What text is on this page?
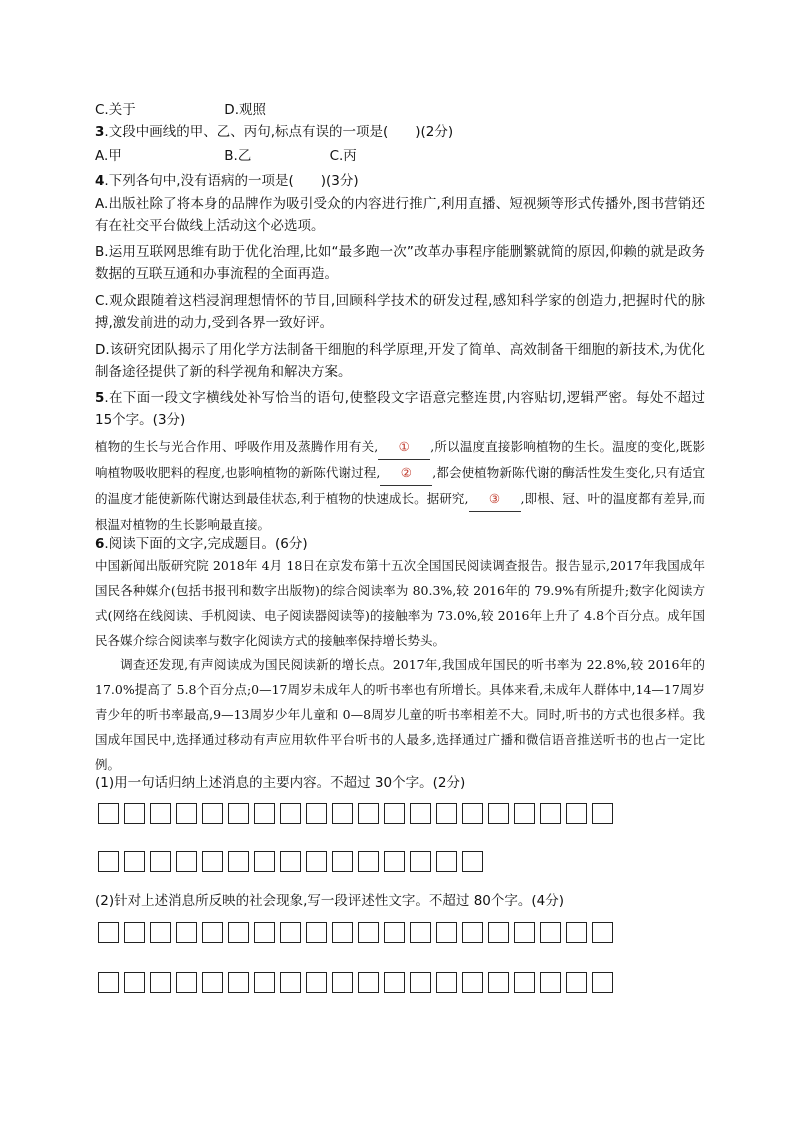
C.关于	D.观照
3.文段中画线的甲、乙、丙句,标点有误的一项是(　　)(2分)
A.甲	B.乙	C.丙
4.下列各句中,没有语病的一项是(　　)(3分)
A.出版社除了将本身的品牌作为吸引受众的内容进行推广,利用直播、短视频等形式传播外,图书营销还有在社交平台做线上活动这个必选项。
B.运用互联网思维有助于优化治理,比如“最多跑一次”改革办事程序能删繁就简的原因,仰赖的就是政务数据的互联互通和办事流程的全面再造。
C.观众跟随着这档浸润理想情怀的节目,回顾科学技术的研发过程,感知科学家的创造力,把握时代的脉搏,激发前进的动力,受到各界一致好评。
D.该研究团队揭示了用化学方法制备干细胞的科学原理,开发了简单、高效制备干细胞的新技术,为优化制备途径提供了新的科学视角和解决方案。
5.在下面一段文字横线处补写恰当的语句,使整段文字语意完整连贯,内容贴切,逻辑严密。每处不超过 15个字。(3分)
植物的生长与光合作用、呼吸作用及蒸腾作用有关, ① ,所以温度直接影响植物的生长。温度的变化,既影响植物吸收肥料的程度,也影响植物的新陈代谢过程, ② ,都会使植物新陈代谢的酶活性发生变化,只有适宜的温度才能使新陈代谢达到最佳状态,利于植物的快速成长。据研究, ③ ,即根、冠、叶的温度都有差异,而根温对植物的生长影响最直接。
6.阅读下面的文字,完成题目。(6分)
中国新闻出版研究院 2018年 4月 18日在京发布第十五次全国国民阅读调查报告。报告显示,2017年我国成年国民各种媒介(包括书报刊和数字出版物)的综合阅读率为 80.3%,较 2016年的 79.9%有所提升;数字化阅读方式(网络在线阅读、手机阅读、电子阅读器阅读等)的接触率为 73.0%,较 2016年上升了 4.8个百分点。成年国民各媒介综合阅读率与数字化阅读方式的接触率保持增长势头。
调查还发现,有声阅读成为国民阅读新的增长点。2017年,我国成年国民的听书率为 22.8%,较 2016年的 17.0%提高了 5.8个百分点;0—17周岁未成年人的听书率也有所增长。具体来看,未成年人群体中,14—17周岁青少年的听书率最高,9—13周岁少年儿童和 0—8周岁儿童的听书率相差不大。同时,听书的方式也很多样。我国成年国民中,选择通过移动有声应用软件平台听书的人最多,选择通过广播和微信语音推送听书的也占一定比例。
(1)用一句话归纳上述消息的主要内容。不超过 30个字。(2分)
(2)针对上述消息所反映的社会现象,写一段评述性文字。不超过 80个字。(4分)
